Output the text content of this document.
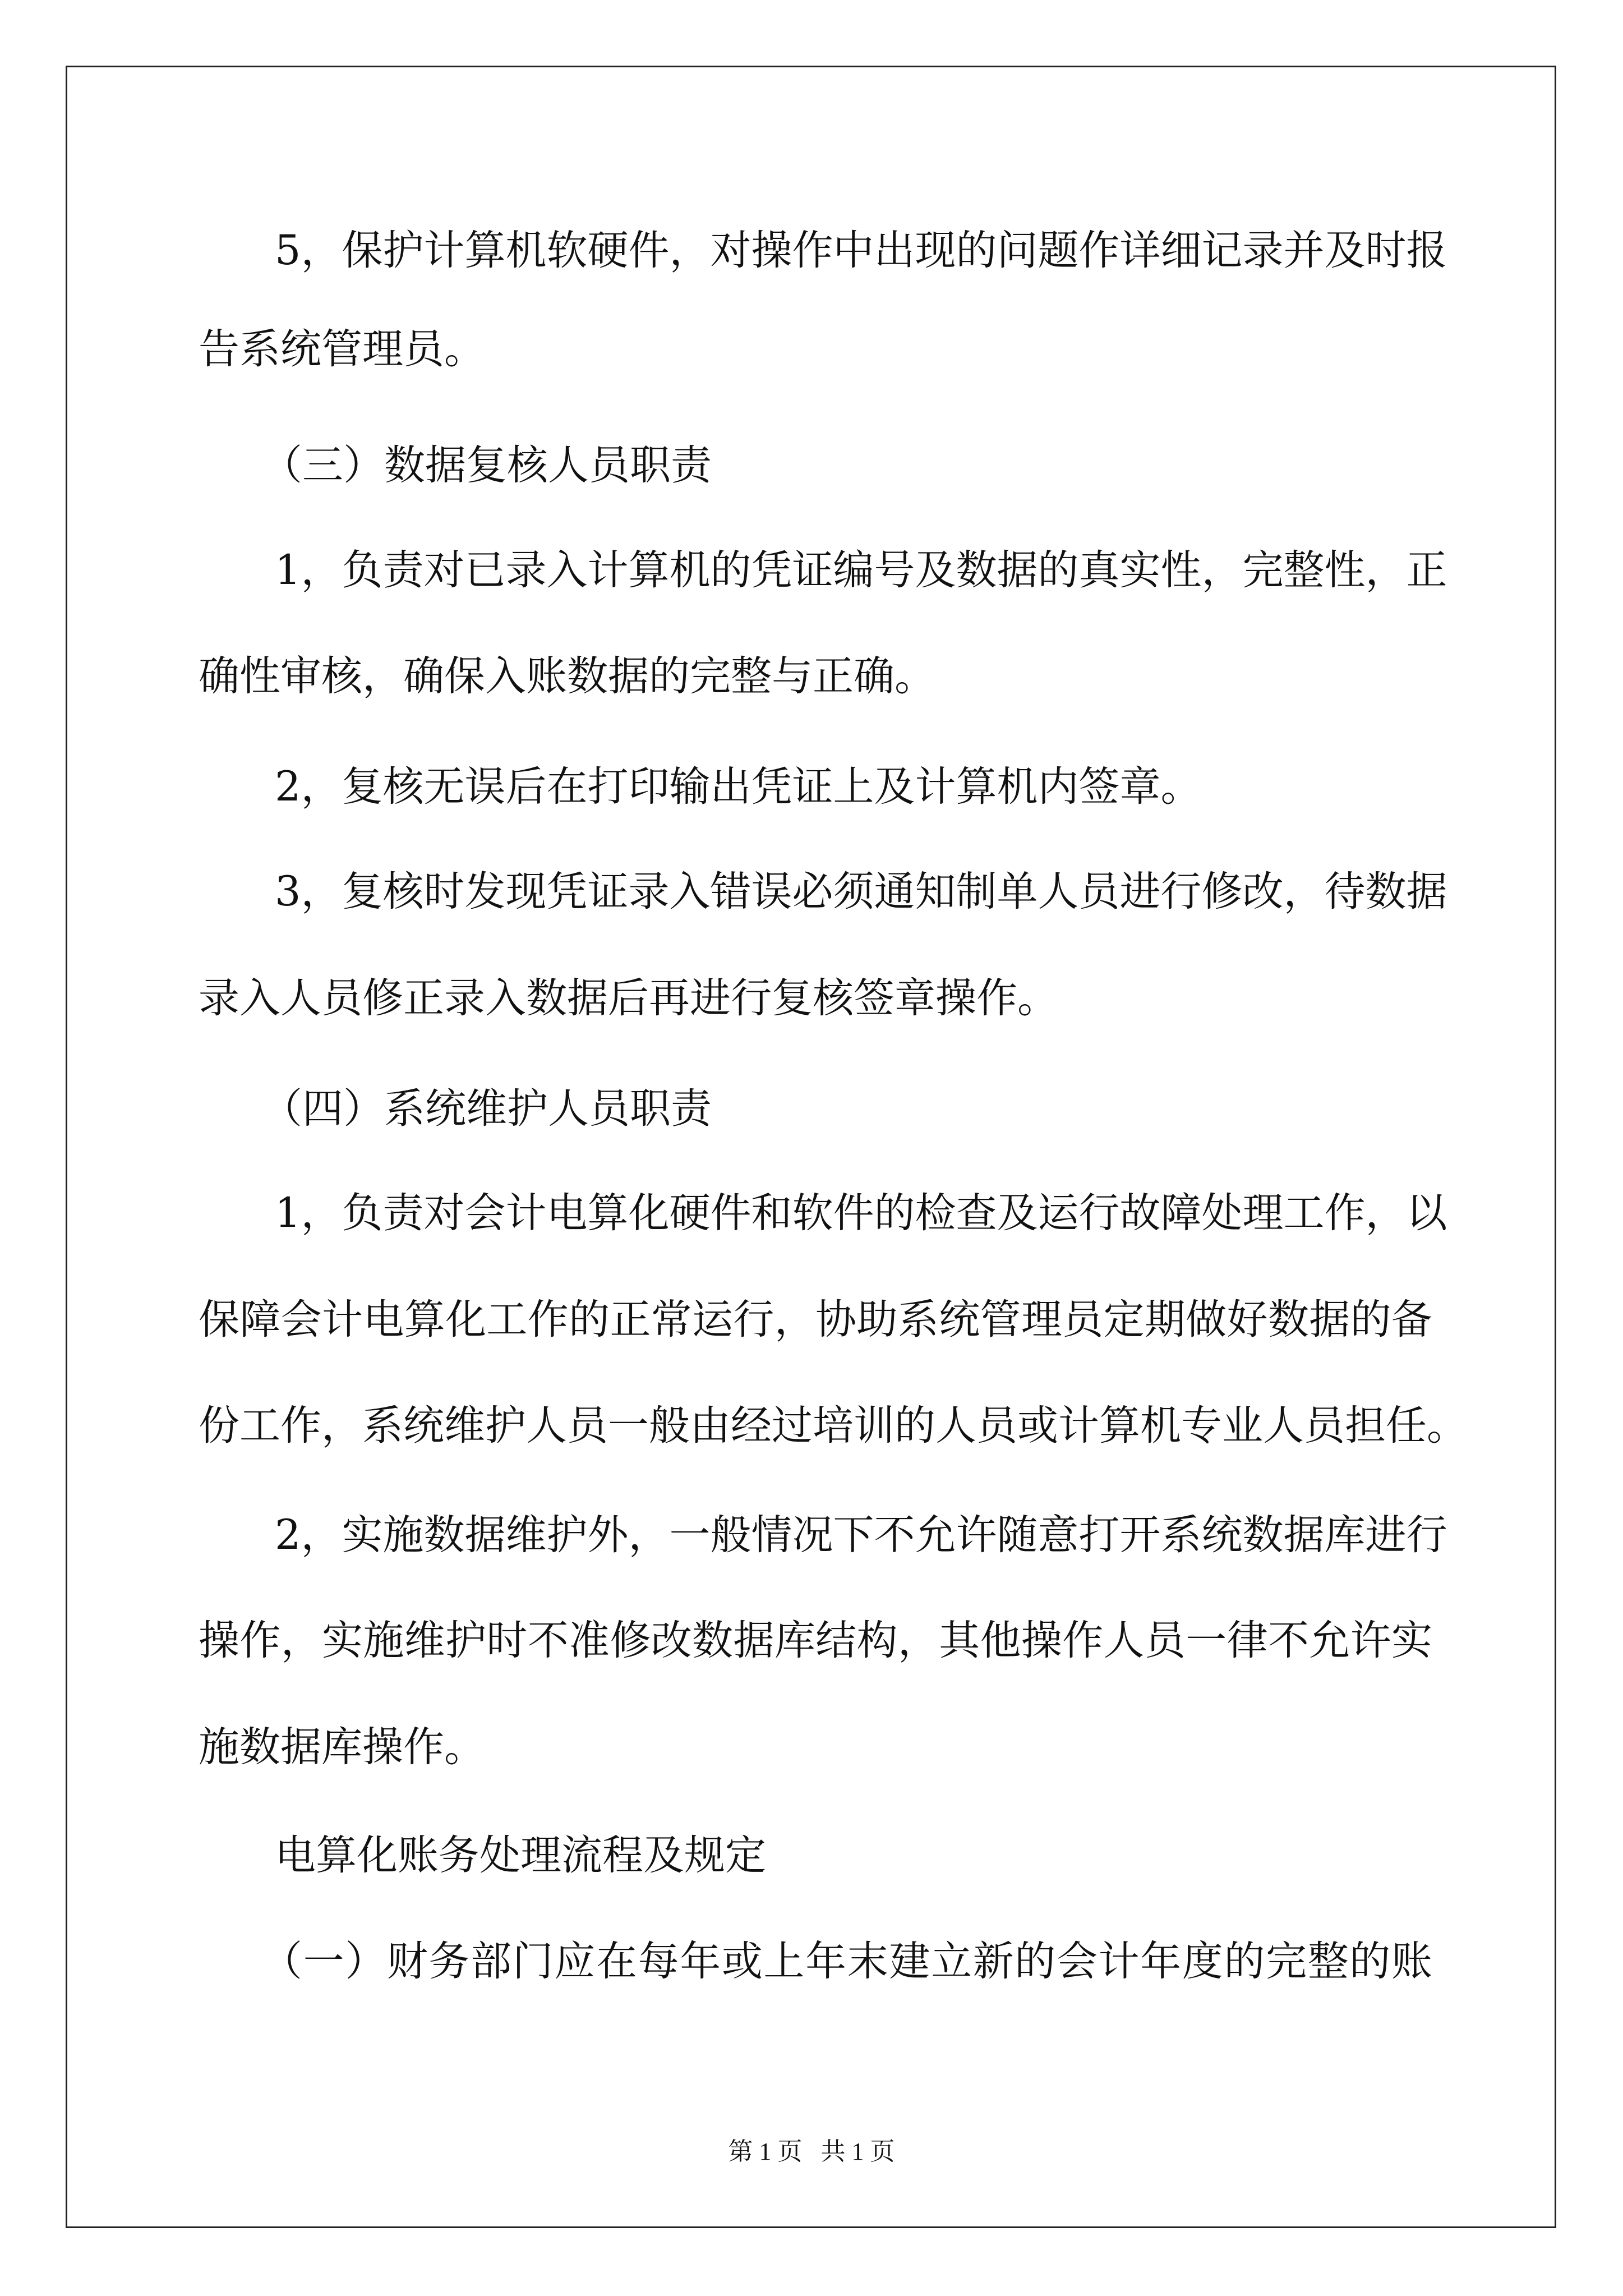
5，保护计算机软硬件，对操作中出现的问题作详细记录并及时报
告系统管理员。
（三）数据复核人员职责
1，负责对已录入计算机的凭证编号及数据的真实性，完整性，正
确性审核，确保入账数据的完整与正确。
2，复核无误后在打印输出凭证上及计算机内签章。
3，复核时发现凭证录入错误必须通知制单人员进行修改，待数据
录入人员修正录入数据后再进行复核签章操作。
（四）系统维护人员职责
1，负责对会计电算化硬件和软件的检查及运行故障处理工作，以
保障会计电算化工作的正常运行，协助系统管理员定期做好数据的备
份工作，系统维护人员一般由经过培训的人员或计算机专业人员担任。
2，实施数据维护外，一般情况下不允许随意打开系统数据库进行
操作，实施维护时不准修改数据库结构，其他操作人员一律不允许实
施数据库操作。
电算化账务处理流程及规定
（一）财务部门应在每年或上年末建立新的会计年度的完整的账
第 1 页   共 1 页
